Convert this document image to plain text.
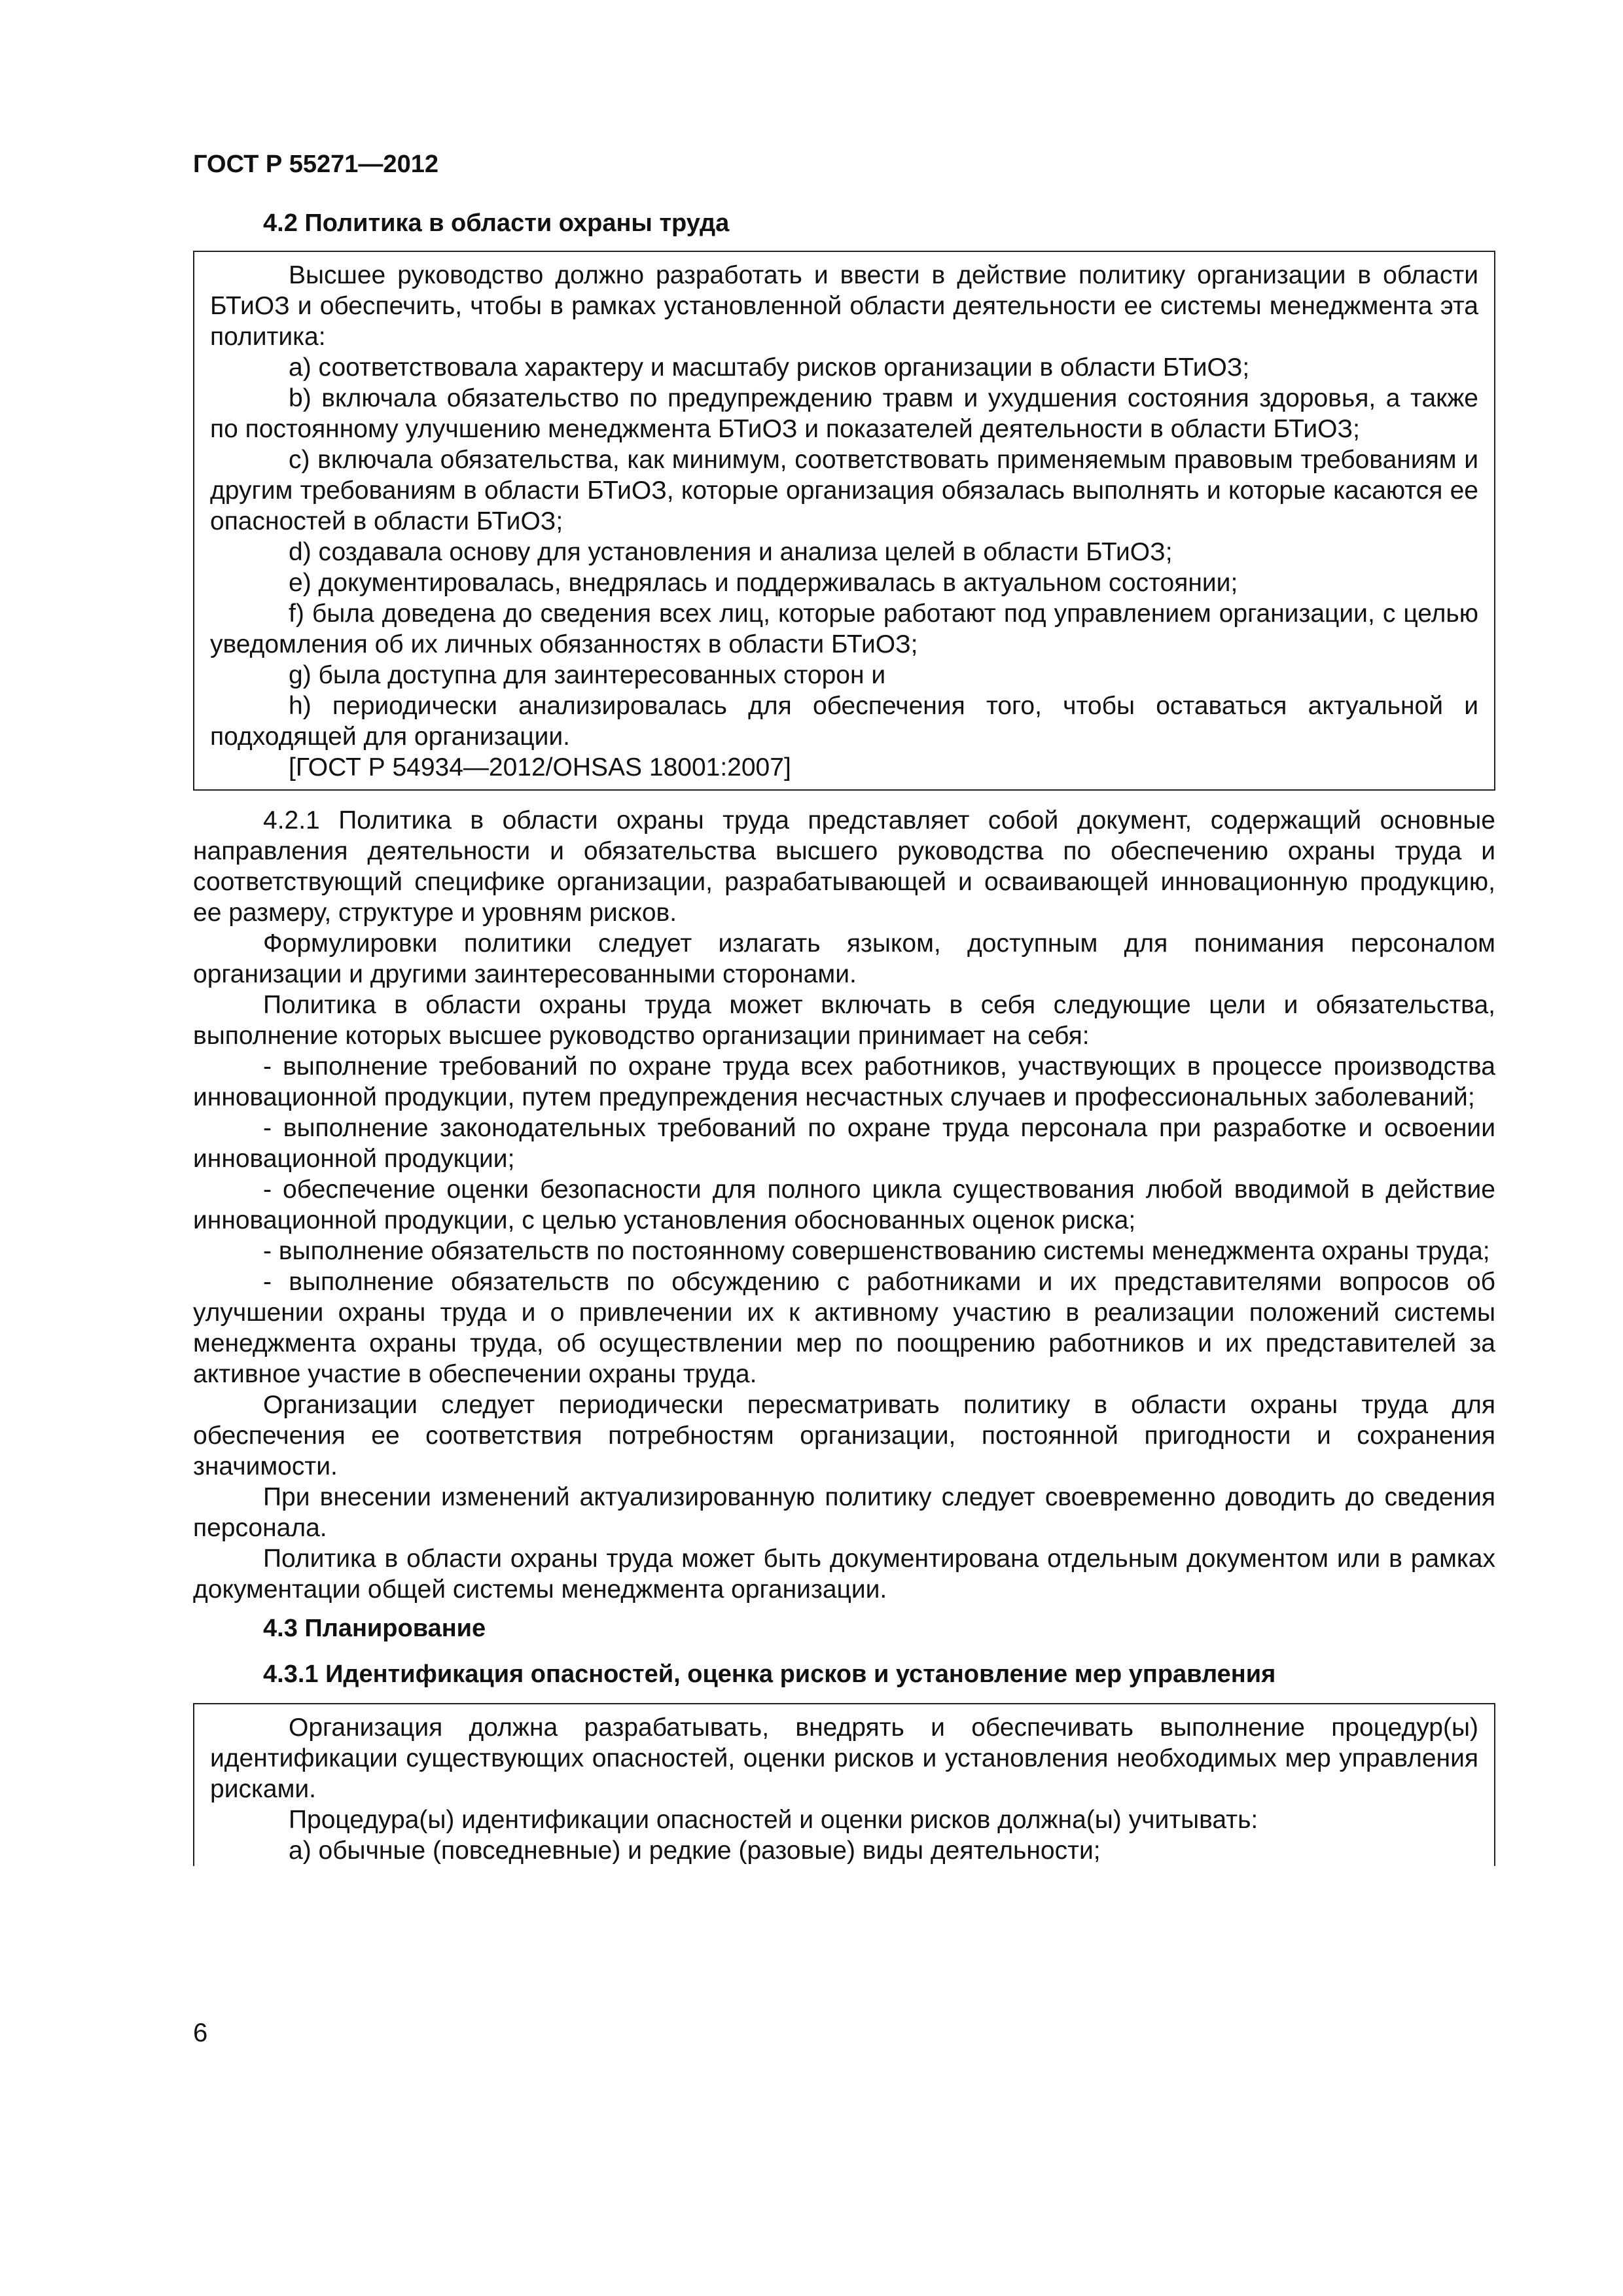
ГОСТ Р 55271—2012
4.2 Политика в области охраны труда

Высшее руководство должно разработать и ввести в действие политику организации в области БТиОЗ и обеспечить, чтобы в рамках установленной области деятельности ее системы менеджмента эта политика:

a) соответствовала характеру и масштабу рисков организации в области БТиОЗ;

b) включала обязательство по предупреждению травм и ухудшения состояния здоровья, а также по постоянному улучшению менеджмента БТиОЗ и показателей деятельности в области БТиОЗ;

c) включала обязательства, как минимум, соответствовать применяемым правовым требованиям и другим требованиям в области БТиОЗ, которые организация обязалась выполнять и которые касаются ее опасностей в области БТиОЗ;

d) создавала основу для установления и анализа целей в области БТиОЗ;

e) документировалась, внедрялась и поддерживалась в актуальном состоянии;

f) была доведена до сведения всех лиц, которые работают под управлением организации, с целью уведомления об их личных обязанностях в области БТиОЗ;

g) была доступна для заинтересованных сторон и

h) периодически анализировалась для обеспечения того, чтобы оставаться актуальной и подходящей для организации.

[ГОСТ Р 54934—2012/OHSAS 18001:2007]

4.2.1 Политика в области охраны труда представляет собой документ, содержащий основные направления деятельности и обязательства высшего руководства по обеспечению охраны труда и соответствующий специфике организации, разрабатывающей и осваивающей инновационную продукцию, ее размеру, структуре и уровням рисков.

Формулировки политики следует излагать языком, доступным для понимания персоналом организации и другими заинтересованными сторонами.

Политика в области охраны труда может включать в себя следующие цели и обязательства, выполнение которых высшее руководство организации принимает на себя:

- выполнение требований по охране труда всех работников, участвующих в процессе производства инновационной продукции, путем предупреждения несчастных случаев и профессиональных заболеваний;

- выполнение законодательных требований по охране труда персонала при разработке и освоении инновационной продукции;

- обеспечение оценки безопасности для полного цикла существования любой вводимой в действие инновационной продукции, с целью установления обоснованных оценок риска;

- выполнение обязательств по постоянному совершенствованию системы менеджмента охраны труда;

- выполнение обязательств по обсуждению с работниками и их представителями вопросов об улучшении охраны труда и о привлечении их к активному участию в реализации положений системы менеджмента охраны труда, об осуществлении мер по поощрению работников и их представителей за активное участие в обеспечении охраны труда.

Организации следует периодически пересматривать политику в области охраны труда для обеспечения ее соответствия потребностям организации, постоянной пригодности и сохранения значимости.

При внесении изменений актуализированную политику следует своевременно доводить до сведения персонала.

Политика в области охраны труда может быть документирована отдельным документом или в рамках документации общей системы менеджмента организации.

4.3 Планирование
4.3.1 Идентификация опасностей, оценка рисков и установление мер управления

Организация должна разрабатывать, внедрять и обеспечивать выполнение процедур(ы) идентификации существующих опасностей, оценки рисков и установления необходимых мер управления рисками.

Процедура(ы) идентификации опасностей и оценки рисков должна(ы) учитывать:

a) обычные (повседневные) и редкие (разовые) виды деятельности;

6
